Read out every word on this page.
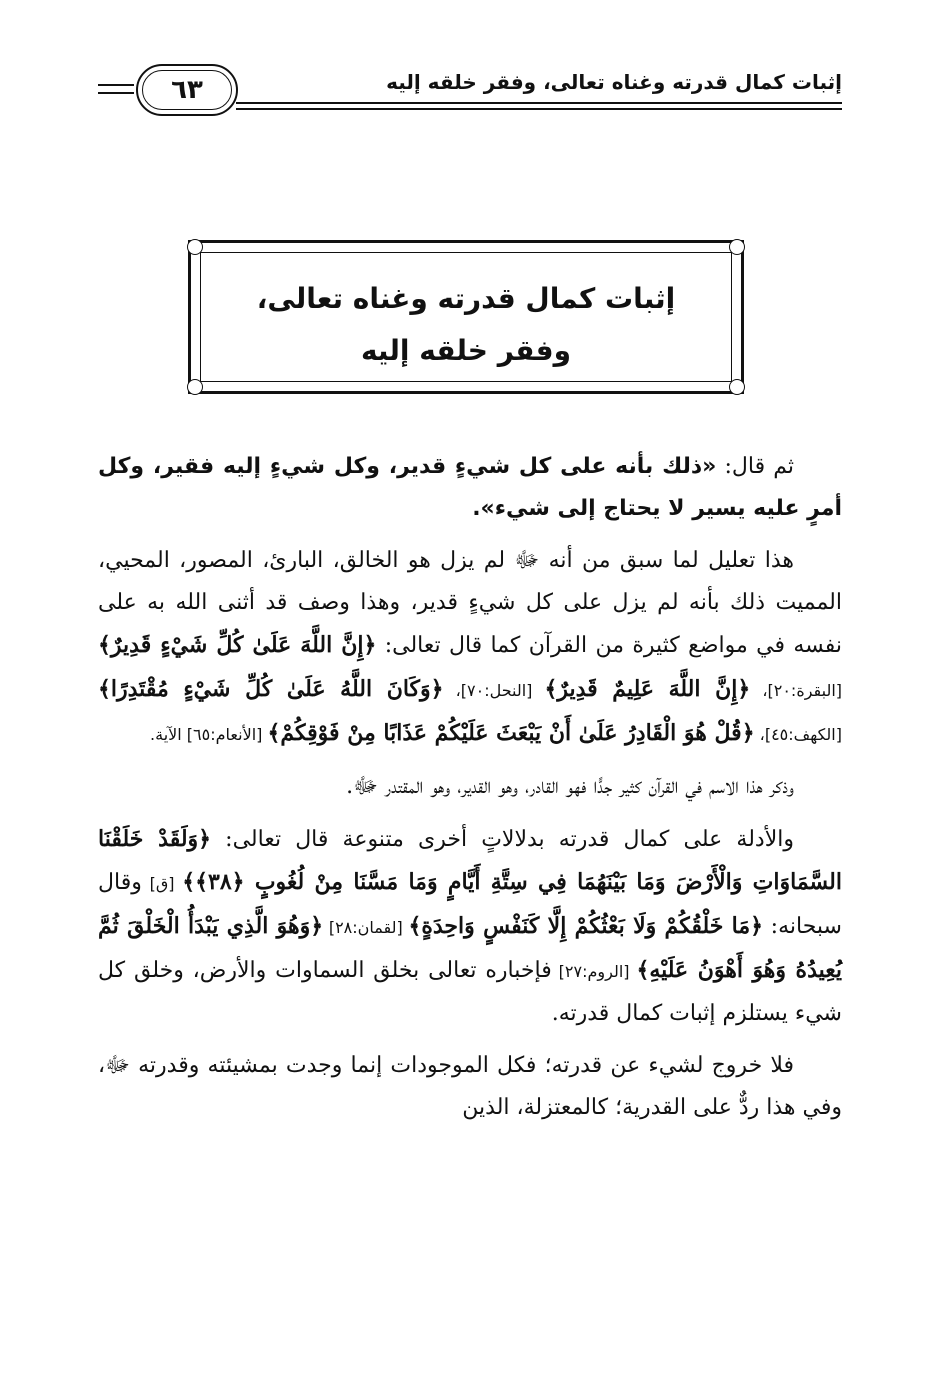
إثبات كمال قدرته وغناه تعالى، وفقر خلقه إليه
٦٣
إثبات كمال قدرته وغناه تعالى،
وفقر خلقه إليه

ثم قال: «ذلك بأنه على كل شيءٍ قدير، وكل شيءٍ إليه فقير، وكل أمرٍ عليه يسير لا يحتاج إلى شيء».

هذا تعليل لما سبق من أنه ﷻ لم يزل هو الخالق، البارئ، المصور، المحيي، المميت ذلك بأنه لم يزل على كل شيءٍ قدير، وهذا وصف قد أثنى الله به على نفسه في مواضع كثيرة من القرآن كما قال تعالى: ﴿إِنَّ اللَّهَ عَلَىٰ كُلِّ شَيْءٍ قَدِيرٌ﴾ [البقرة:٢٠]، ﴿إِنَّ اللَّهَ عَلِيمٌ قَدِيرٌ﴾ [النحل:٧٠]، ﴿وَكَانَ اللَّهُ عَلَىٰ كُلِّ شَيْءٍ مُقْتَدِرًا﴾ [الكهف:٤٥]، ﴿قُلْ هُوَ الْقَادِرُ عَلَىٰ أَنْ يَبْعَثَ عَلَيْكُمْ عَذَابًا مِنْ فَوْقِكُمْ﴾ [الأنعام:٦٥] الآية.

وذكر هذا الاسم في القرآن كثير جدًّا فهو القادر، وهو القدير، وهو المقتدر ﷻ.

والأدلة على كمال قدرته بدلالاتٍ أخرى متنوعة قال تعالى: ﴿وَلَقَدْ خَلَقْنَا السَّمَاوَاتِ وَالْأَرْضَ وَمَا بَيْنَهُمَا فِي سِتَّةِ أَيَّامٍ وَمَا مَسَّنَا مِنْ لُغُوبٍ ﴿٣٨﴾﴾ [ق] وقال سبحانه: ﴿مَا خَلْقُكُمْ وَلَا بَعْثُكُمْ إِلَّا كَنَفْسٍ وَاحِدَةٍ﴾ [لقمان:٢٨] ﴿وَهُوَ الَّذِي يَبْدَأُ الْخَلْقَ ثُمَّ يُعِيدُهُ وَهُوَ أَهْوَنُ عَلَيْهِ﴾ [الروم:٢٧] فإخباره تعالى بخلق السماوات والأرض، وخلق كل شيء يستلزم إثبات كمال قدرته.

فلا خروج لشيء عن قدرته؛ فكل الموجودات إنما وجدت بمشيئته وقدرته ﷻ، وفي هذا ردٌّ على القدرية؛ كالمعتزلة، الذين
